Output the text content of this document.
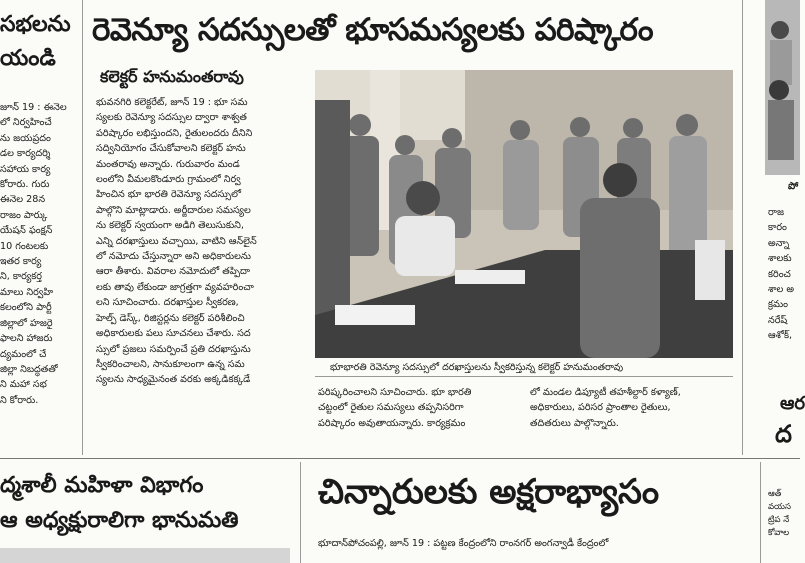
సభలను
యండి

జూన్ 19 : ఈనెల

లో నిర్వహించే

ను జయప్రదం

డల కార్యదర్శి

సహాయ కార్య

కోరారు. గురు

ఈనెల 28న

రాజం పార్కు

యేషన్ ఫంక్షన్

10 గంటలకు

ఇతర కార్య

ని, కార్యకర్త

మాలు నిర్వహి

కలంలోని పార్టీ

జిల్లాలో హజరై

ఫాలని హాజరు

ద్యమంలో చే

జిల్లా నిబద్ధతతో

ని మహా సభ

ని కోరారు.

రెవెన్యూ సదస్సులతో భూసమస్యలకు పరిష్కారం
కలెక్టర్ హనుమంతరావు

భువనగిరి కలెక్టరేట్, జూన్ 19 : భూ సమ

స్యలకు రెవెన్యూ సదస్సుల ద్వారా శాశ్వత

పరిష్కారం లభిస్తుందని, రైతులందరు దీనిని

సద్వినియోగం చేసుకోవాలని కలెక్టర్ హను

మంతరావు అన్నారు. గురువారం మండ

లంలోని వీమలకొండూరు గ్రామంలో నిర్వ

హించిన భూ భారతి రెవెన్యూ సదస్సులో

పాల్గొని మాట్లాడారు. అర్జీదారుల సమస్యల

ను కలెక్టర్ స్వయంగా అడిగి తెలుసుకుని,

ఎన్ని దరఖాస్తులు వచ్చాయి, వాటిని ఆన్‌లైన్

లో నమోదు చేస్తున్నారా అని అధికారులను

ఆరా తీశారు. వివరాల నమోదులో తప్పిదా

లకు తావు లేకుండా జాగ్రత్తగా వ్యవహరించా

లని సూచించారు. దరఖాస్తుల స్వీకరణ,

హెల్ప్ డెస్క్, రిజిస్టర్లను కలెక్టర్ పరిశీలించి

అధికారులకు పలు సూచనలు చేశారు. సద

స్సులో ప్రజలు సమర్పించే ప్రతి దరఖాస్తును

స్వీకరించాలని, సానుకూలంగా ఉన్న సమ

స్యలను సాధ్యమైనంత వరకు అక్కడికక్కడే

భూభారతి రెవెన్యూ సదస్సులో దరఖాస్తులను స్వీకరిస్తున్న కలెక్టర్ హనుమంతరావు

పరిష్కరించాలని సూచించారు. భూ భారతి

చట్టంలో రైతుల సమస్యలు తప్పనిసరిగా

పరిష్కారం అవుతాయన్నారు. కార్యక్రమం

లో మండల డిప్యూటీ తహశీల్దార్ కళ్యాణ్,

అధికారులు, పరిసర ప్రాంతాల రైతులు,

తదితరులు పాల్గొన్నారు.

పో

రాజ

కారం

అన్నా

శాలకు

కరించ

శాల అ

క్రమం

నరేష్

ఆశోక్,

ఆర
ద

ఆత్

వయస

ట్రిప నే

కోవాల

ద్మశాలీ మహిళా విభాగం
ఆ అధ్యక్షురాలిగా భానుమతి
చిన్నారులకు అక్షరాభ్యాసం
భూదాన్‌పోచంపల్లి, జూన్ 19 : పట్టణ కేంద్రంలోని రాంనగర్ అంగన్వాడీ కేంద్రంలో
